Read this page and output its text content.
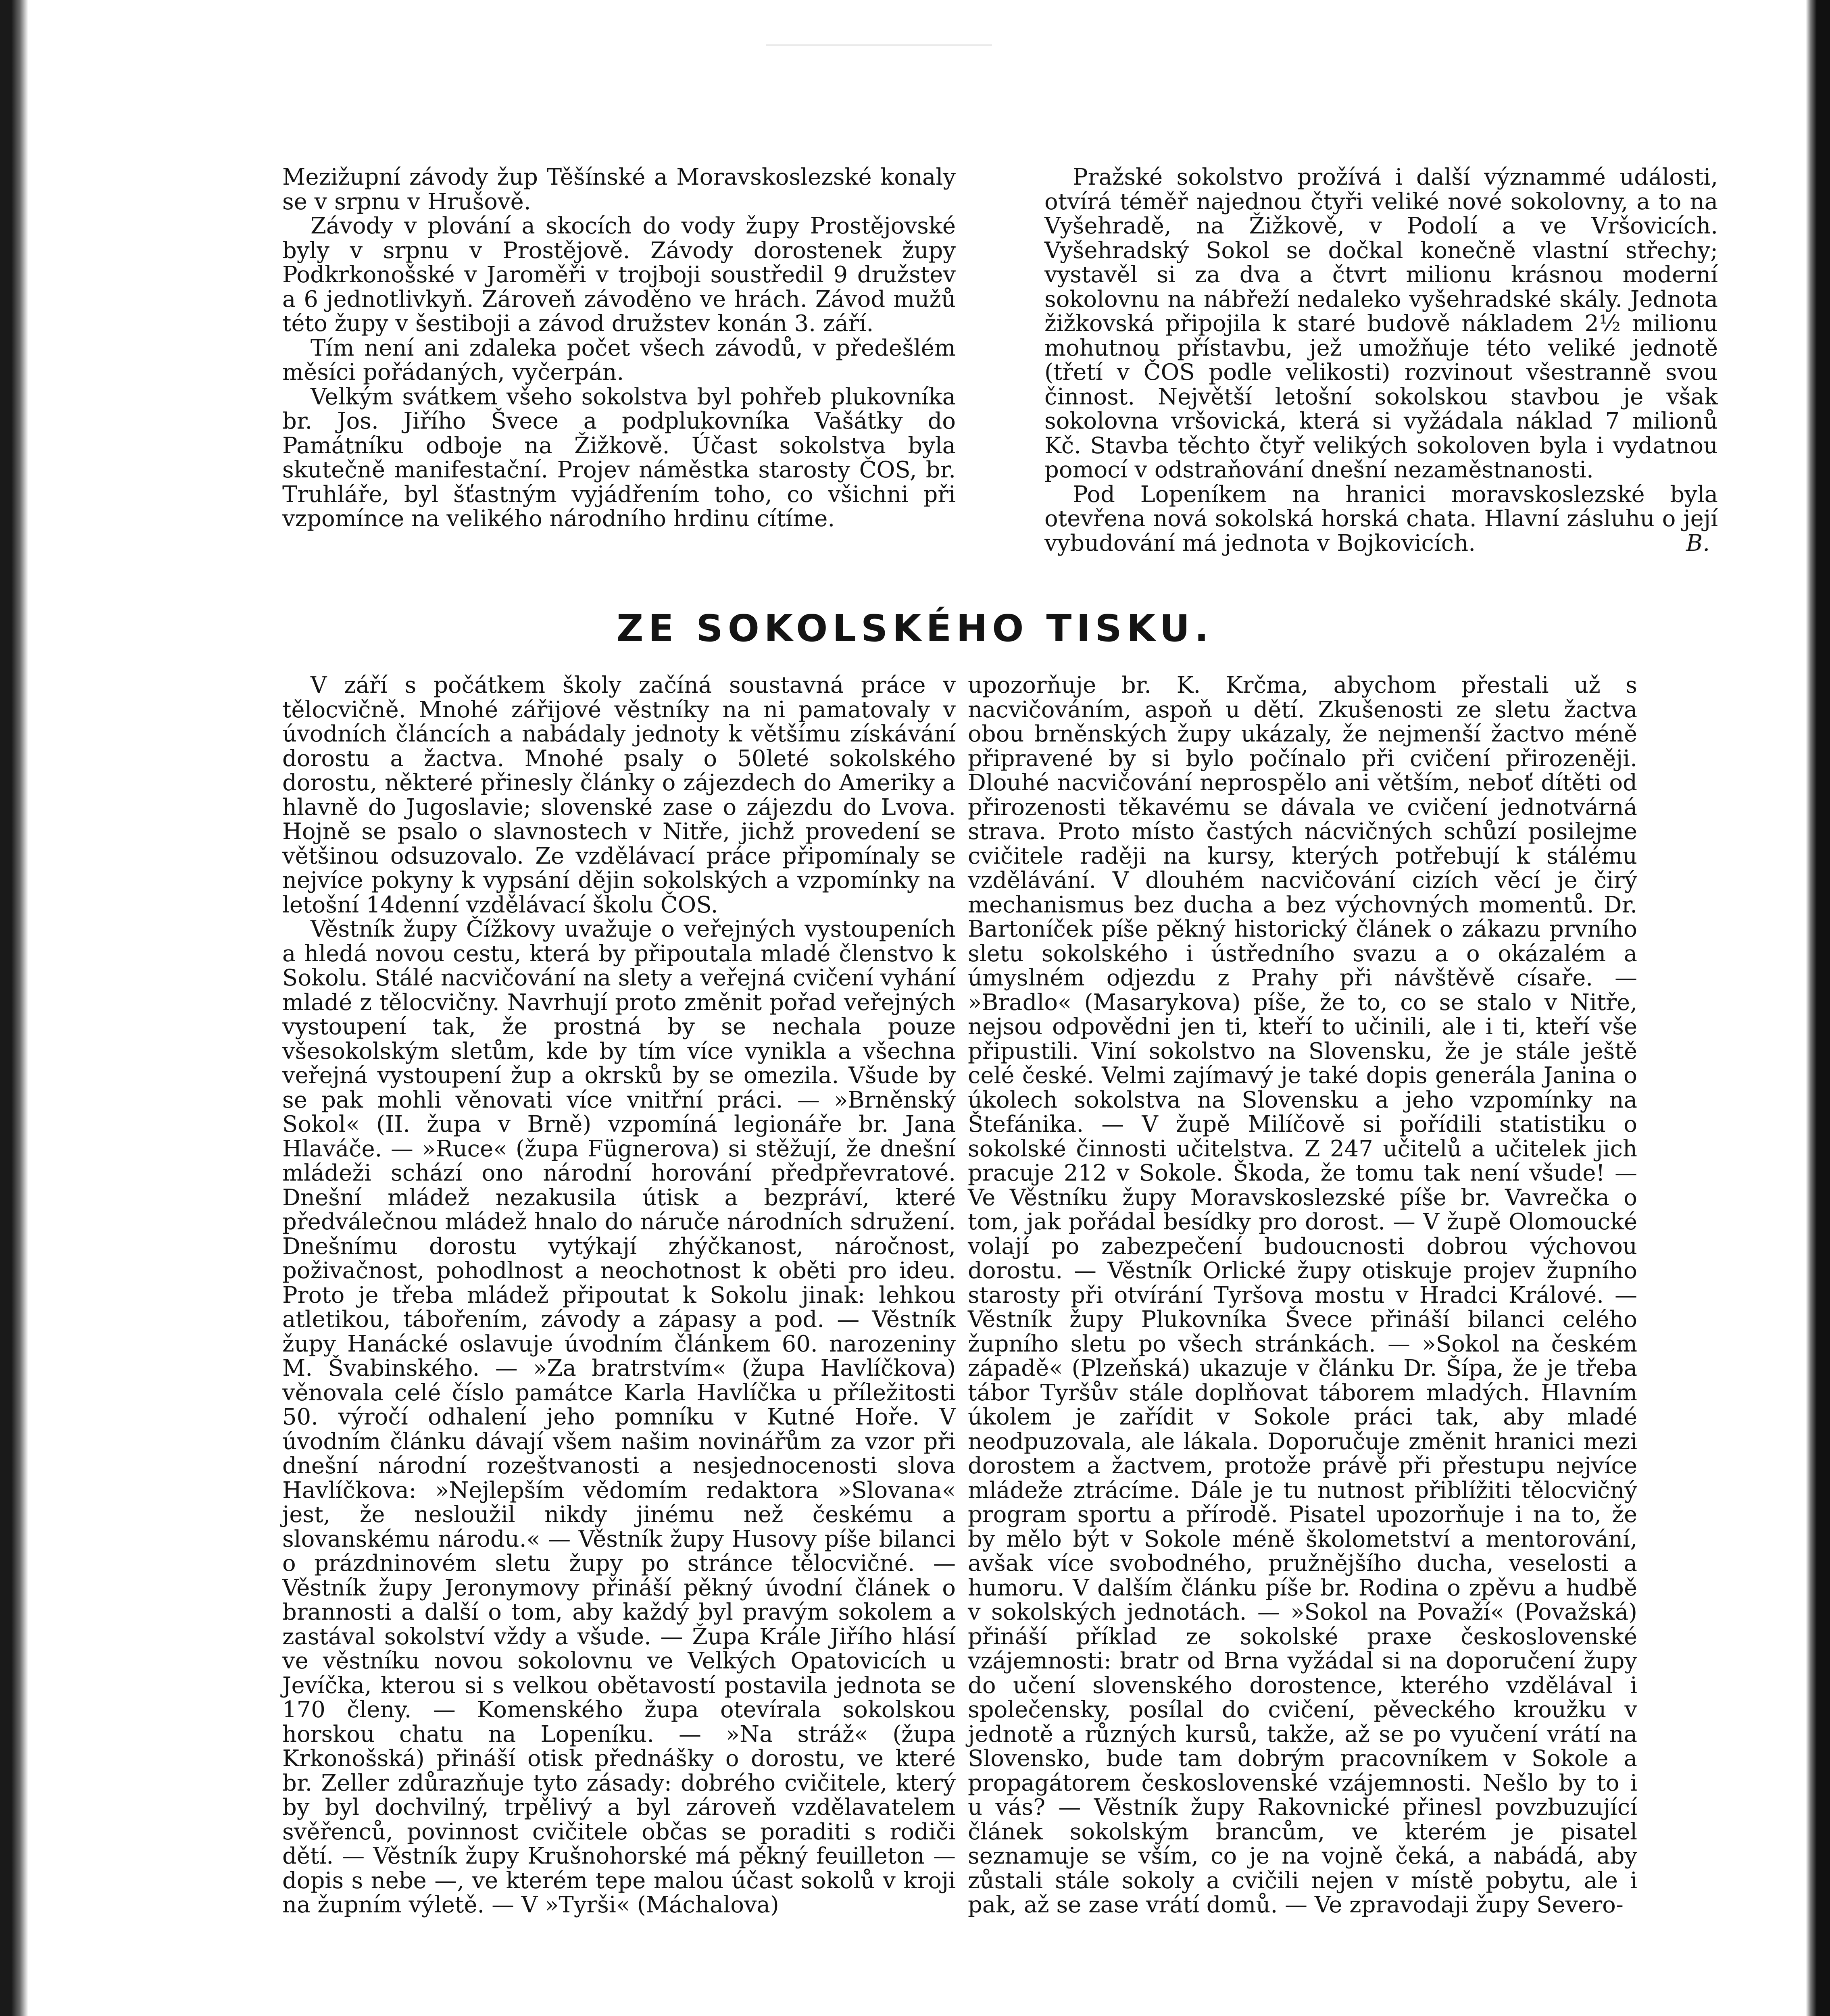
Mezižupní závody žup Těšínské a Moravskoslezské konaly se v srpnu v Hrušově.

Závody v plování a skocích do vody župy Prostějovské byly v srpnu v Prostějově. Závody dorostenek župy Podkrkonošské v Jaroměři v trojboji soustředil 9 družstev a 6 jednotlivkyň. Zároveň závoděno ve hrách. Závod mužů této župy v šestiboji a závod družstev konán 3. září.

Tím není ani zdaleka počet všech závodů, v předešlém měsíci pořádaných, vyčerpán.

Velkým svátkem všeho sokolstva byl pohřeb plukovníka br. Jos. Jiřího Švece a podplukovníka Vašátky do Památníku odboje na Žižkově. Účast sokolstva byla skutečně manifestační. Projev náměstka starosty ČOS, br. Truhláře, byl šťastným vyjádřením toho, co všichni při vzpomínce na velikého národního hrdinu cítíme.

Pražské sokolstvo prožívá i další význammé události, otvírá téměř najednou čtyři veliké nové sokolovny, a to na Vyšehradě, na Žižkově, v Podolí a ve Vršovicích. Vyšehradský Sokol se dočkal konečně vlastní střechy; vystavěl si za dva a čtvrt milionu krásnou moderní sokolovnu na nábřeží nedaleko vyšehradské skály. Jednota žižkovská připojila k staré budově nákladem 2½ milionu mohutnou přístavbu, jež umožňuje této veliké jednotě (třetí v ČOS podle velikosti) rozvinout všestranně svou činnost. Největší letošní sokolskou stavbou je však sokolovna vršovická, která si vyžádala náklad 7 milionů Kč. Stavba těchto čtyř velikých sokoloven byla i vydatnou pomocí v odstraňování dnešní nezaměstnanosti.

Pod Lopeníkem na hranici moravskoslezské byla otevřena nová sokolská horská chata. Hlavní zásluhu o její vybudování má jednota v Bojkovicích.	B.

ZE SOKOLSKÉHO TISKU.

V září s počátkem školy začíná soustavná práce v tělocvičně. Mnohé zářijové věstníky na ni pamatovaly v úvodních článcích a nabádaly jednoty k většímu získávání dorostu a žactva. Mnohé psaly o 50leté sokolského dorostu, některé přinesly články o zájezdech do Ameriky a hlavně do Jugoslavie; slovenské zase o zájezdu do Lvova. Hojně se psalo o slavnostech v Nitře, jichž provedení se většinou odsuzovalo. Ze vzdělávací práce připomínaly se nejvíce pokyny k vypsání dějin sokolských a vzpomínky na letošní 14denní vzdělávací školu ČOS.

Věstník župy Čížkovy uvažuje o veřejných vystoupeních a hledá novou cestu, která by připoutala mladé členstvo k Sokolu. Stálé nacvičování na slety a veřejná cvičení vyhání mladé z tělocvičny. Navrhují proto změnit pořad veřejných vystoupení tak, že prostná by se nechala pouze všesokolským sletům, kde by tím více vynikla a všechna veřejná vystoupení žup a okrsků by se omezila. Všude by se pak mohli věnovati více vnitřní práci. — »Brněnský Sokol« (II. župa v Brně) vzpomíná legionáře br. Jana Hlaváče. — »Ruce« (župa Fügnerova) si stěžují, že dnešní mládeži schází ono národní horování předpřevratové. Dnešní mládež nezakusila útisk a bezpráví, které předválečnou mládež hnalo do náruče národních sdružení. Dnešnímu dorostu vytýkají zhýčkanost, náročnost, poživačnost, pohodlnost a neochotnost k oběti pro ideu. Proto je třeba mládež připoutat k Sokolu jinak: lehkou atletikou, tábořením, závody a zápasy a pod. — Věstník župy Hanácké oslavuje úvodním článkem 60. narozeniny M. Švabinského. — »Za bratrstvím« (župa Havlíčkova) věnovala celé číslo památce Karla Havlíčka u příležitosti 50. výročí odhalení jeho pomníku v Kutné Hoře. V úvodním článku dávají všem našim novinářům za vzor při dnešní národní rozeštvanosti a nesjednocenosti slova Havlíčkova: »Nejlepším vědomím redaktora »Slovana« jest, že nesloužil nikdy jinému než českému a slovanskému národu.« — Věstník župy Husovy píše bilanci o prázdninovém sletu župy po stránce tělocvičné. — Věstník župy Jeronymovy přináší pěkný úvodní článek o brannosti a další o tom, aby každý byl pravým sokolem a zastával sokolství vždy a všude. — Župa Krále Jiřího hlásí ve věstníku novou sokolovnu ve Velkých Opatovicích u Jevíčka, kterou si s velkou obětavostí postavila jednota se 170 členy. — Komenského župa otevírala sokolskou horskou chatu na Lopeníku. — »Na stráž« (župa Krkonošská) přináší otisk přednášky o dorostu, ve které br. Zeller zdůrazňuje tyto zásady: dobrého cvičitele, který by byl dochvilný, trpělivý a byl zároveň vzdělavatelem svěřenců, povinnost cvičitele občas se poraditi s rodiči dětí. — Věstník župy Krušnohorské má pěkný feuilleton — dopis s nebe —, ve kterém tepe malou účast sokolů v kroji na župním výletě. — V »Tyrši« (Máchalova)

upozorňuje br. K. Krčma, abychom přestali už s nacvičováním, aspoň u dětí. Zkušenosti ze sletu žactva obou brněnských župy ukázaly, že nejmenší žactvo méně připravené by si bylo počínalo při cvičení přirozeněji. Dlouhé nacvičování neprospělo ani větším, neboť dítěti od přirozenosti těkavému se dávala ve cvičení jednotvárná strava. Proto místo častých nácvičných schůzí posilejme cvičitele raději na kursy, kterých potřebují k stálému vzdělávání. V dlouhém nacvičování cizích věcí je čirý mechanismus bez ducha a bez výchovných momentů. Dr. Bartoníček píše pěkný historický článek o zákazu prvního sletu sokolského i ústředního svazu a o okázalém a úmyslném odjezdu z Prahy při návštěvě císaře. — »Bradlo« (Masarykova) píše, že to, co se stalo v Nitře, nejsou odpovědni jen ti, kteří to učinili, ale i ti, kteří vše připustili. Viní sokolstvo na Slovensku, že je stále ještě celé české. Velmi zajímavý je také dopis generála Janina o úkolech sokolstva na Slovensku a jeho vzpomínky na Štefánika. — V župě Milíčově si pořídili statistiku o sokolské činnosti učitelstva. Z 247 učitelů a učitelek jich pracuje 212 v Sokole. Škoda, že tomu tak není všude! — Ve Věstníku župy Moravskoslezské píše br. Vavrečka o tom, jak pořádal besídky pro dorost. — V župě Olomoucké volají po zabezpečení budoucnosti dobrou výchovou dorostu. — Věstník Orlické župy otiskuje projev župního starosty při otvírání Tyršova mostu v Hradci Králové. — Věstník župy Plukovníka Švece přináší bilanci celého župního sletu po všech stránkách. — »Sokol na českém západě« (Plzeňská) ukazuje v článku Dr. Šípa, že je třeba tábor Tyršův stále doplňovat táborem mladých. Hlavním úkolem je zařídit v Sokole práci tak, aby mladé neodpuzovala, ale lákala. Doporučuje změnit hranici mezi dorostem a žactvem, protože právě při přestupu nejvíce mládeže ztrácíme. Dále je tu nutnost přiblížiti tělocvičný program sportu a přírodě. Pisatel upozorňuje i na to, že by mělo být v Sokole méně školometství a mentorování, avšak více svobodného, pružnějšího ducha, veselosti a humoru. V dalším článku píše br. Rodina o zpěvu a hudbě v sokolských jednotách. — »Sokol na Považí« (Považská) přináší příklad ze sokolské praxe československé vzájemnosti: bratr od Brna vyžádal si na doporučení župy do učení slovenského dorostence, kterého vzdělával i společensky, posílal do cvičení, pěveckého kroužku v jednotě a různých kursů, takže, až se po vyučení vrátí na Slovensko, bude tam dobrým pracovníkem v Sokole a propagátorem československé vzájemnosti. Nešlo by to i u vás? — Věstník župy Rakovnické přinesl povzbuzující článek sokolským brancům, ve kterém je pisatel seznamuje se vším, co je na vojně čeká, a nabádá, aby zůstali stále sokoly a cvičili nejen v místě pobytu, ale i pak, až se zase vrátí domů. — Ve zpravodaji župy Severo-
